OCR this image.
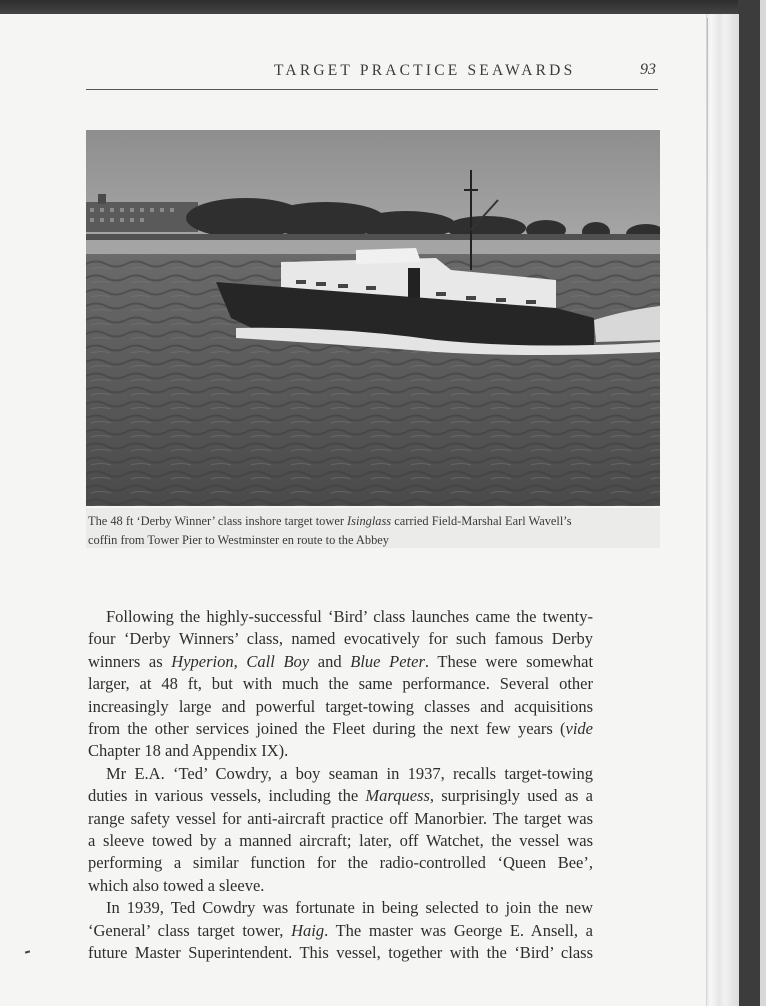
TARGET PRACTICE SEAWARDS	93
The 48 ft ‘Derby Winner’ class inshore target tower Isinglass carried Field-Marshal Earl Wavell’s
coffin from Tower Pier to Westminster en route to the Abbey
Following the highly-successful ‘Bird’ class launches came the twenty-
four ‘Derby Winners’ class, named evocatively for such famous Derby
winners as Hyperion, Call Boy and Blue Peter. These were somewhat
larger, at 48 ft, but with much the same performance. Several other
increasingly large and powerful target-towing classes and acquisitions
from the other services joined the Fleet during the next few years (vide
Chapter 18 and Appendix IX).
Mr E.A. ‘Ted’ Cowdry, a boy seaman in 1937, recalls target-towing
duties in various vessels, including the Marquess, surprisingly used as a
range safety vessel for anti-aircraft practice off Manorbier. The target was
a sleeve towed by a manned aircraft; later, off Watchet, the vessel was
performing a similar function for the radio-controlled ‘Queen Bee’,
which also towed a sleeve.
In 1939, Ted Cowdry was fortunate in being selected to join the new
‘General’ class target tower, Haig. The master was George E. Ansell, a
future Master Superintendent. This vessel, together with the ‘Bird’ class
